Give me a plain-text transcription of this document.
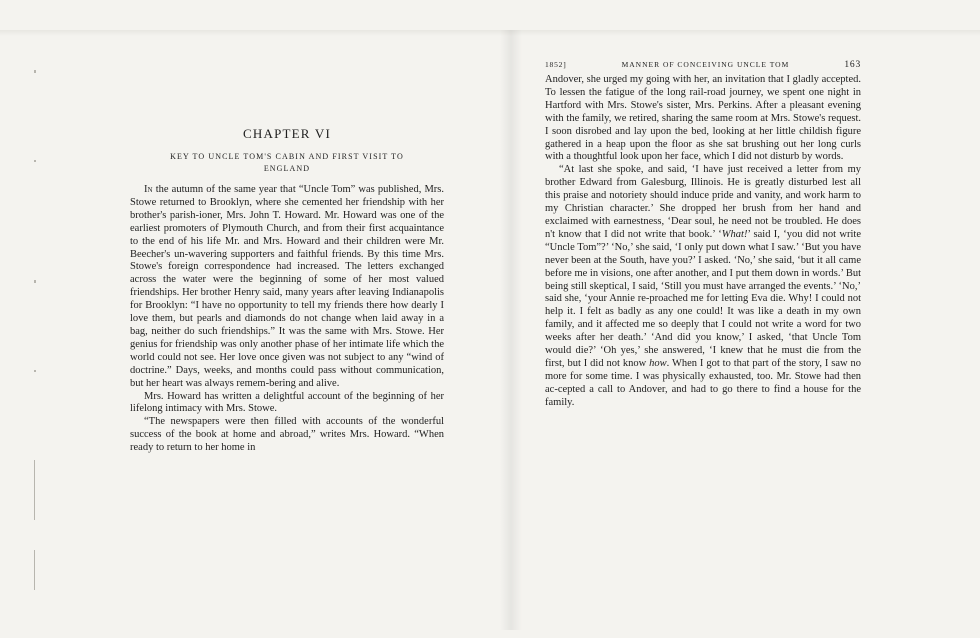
CHAPTER VI
KEY TO UNCLE TOM'S CABIN AND FIRST VISIT TO
ENGLAND

In the autumn of the same year that “Uncle Tom” was published, Mrs. Stowe returned to Brooklyn, where she cemented her friendship with her brother's parish-ioner, Mrs. John T. Howard. Mr. Howard was one of the earliest promoters of Plymouth Church, and from their first acquaintance to the end of his life Mr. and Mrs. Howard and their children were Mr. Beecher's un-wavering supporters and faithful friends. By this time Mrs. Stowe's foreign correspondence had increased. The letters exchanged across the water were the beginning of some of her most valued friendships. Her brother Henry said, many years after leaving Indianapolis for Brooklyn: “I have no opportunity to tell my friends there how dearly I love them, but pearls and diamonds do not change when laid away in a bag, neither do such friendships.” It was the same with Mrs. Stowe. Her genius for friendship was only another phase of her intimate life which the world could not see. Her love once given was not subject to any “wind of doctrine.” Days, weeks, and months could pass without communication, but her heart was always remem-bering and alive.

Mrs. Howard has written a delightful account of the beginning of her lifelong intimacy with Mrs. Stowe.

“The newspapers were then filled with accounts of the wonderful success of the book at home and abroad,” writes Mrs. Howard. “When ready to return to her home in

1852]	MANNER OF CONCEIVING UNCLE TOM	163

Andover, she urged my going with her, an invitation that I gladly accepted. To lessen the fatigue of the long rail-road journey, we spent one night in Hartford with Mrs. Stowe's sister, Mrs. Perkins. After a pleasant evening with the family, we retired, sharing the same room at Mrs. Stowe's request. I soon disrobed and lay upon the bed, looking at her little childish figure gathered in a heap upon the floor as she sat brushing out her long curls with a thoughtful look upon her face, which I did not disturb by words.

“At last she spoke, and said, ‘I have just received a letter from my brother Edward from Galesburg, Illinois. He is greatly disturbed lest all this praise and notoriety should induce pride and vanity, and work harm to my Christian character.’ She dropped her brush from her hand and exclaimed with earnestness, ‘Dear soul, he need not be troubled. He does n't know that I did not write that book.’ ‘What!’ said I, ‘you did not write “Uncle Tom”?’ ‘No,’ she said, ‘I only put down what I saw.’ ‘But you have never been at the South, have you?’ I asked. ‘No,’ she said, ‘but it all came before me in visions, one after another, and I put them down in words.’ But being still skeptical, I said, ‘Still you must have arranged the events.’ ‘No,’ said she, ‘your Annie re-proached me for letting Eva die. Why! I could not help it. I felt as badly as any one could! It was like a death in my own family, and it affected me so deeply that I could not write a word for two weeks after her death.’ ‘And did you know,’ I asked, ‘that Uncle Tom would die?’ ‘Oh yes,’ she answered, ‘I knew that he must die from the first, but I did not know how. When I got to that part of the story, I saw no more for some time. I was physically exhausted, too. Mr. Stowe had then ac-cepted a call to Andover, and had to go there to find a house for the family.
